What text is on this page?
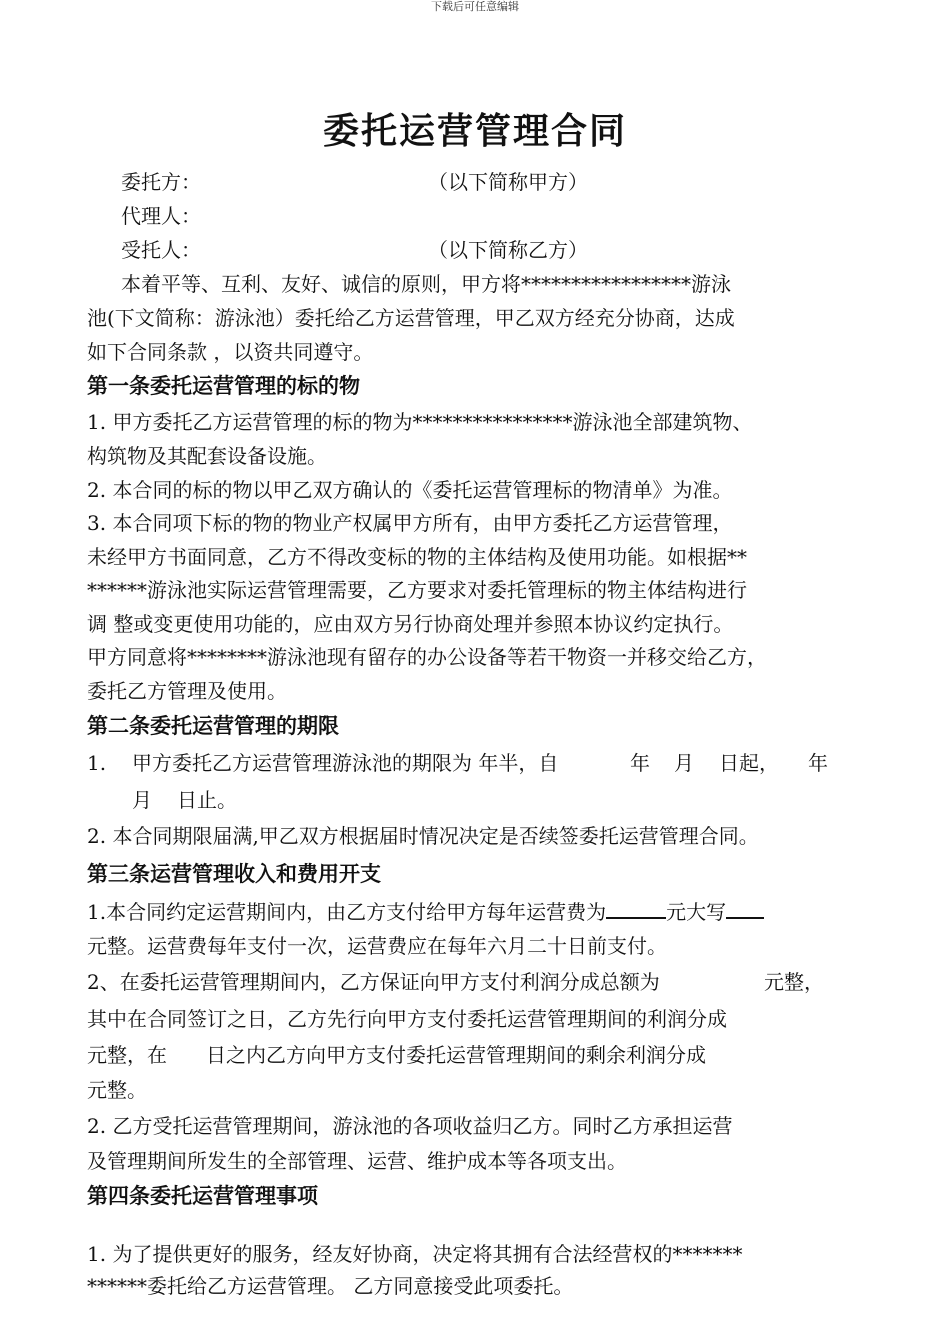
下载后可任意编辑
委托运营管理合同
委托方：	（以下简称甲方）
代理人：
受托人：	（以下简称乙方）
本着平等、互利、友好、诚信的原则，甲方将*****************游泳
池(下文简称：游泳池）委托给乙方运营管理，甲乙双方经充分协商，达成
如下合同条款 ，以资共同遵守。
第一条委托运营管理的标的物
1. 甲方委托乙方运营管理的标的物为****************游泳池全部建筑物、
构筑物及其配套设备设施。
2. 本合同的标的物以甲乙双方确认的《委托运营管理标的物清单》为准。
3. 本合同项下标的物的物业产权属甲方所有，由甲方委托乙方运营管理，
未经甲方书面同意，乙方不得改变标的物的主体结构及使用功能。如根据**
******游泳池实际运营管理需要，乙方要求对委托管理标的物主体结构进行
调 整或变更使用功能的，应由双方另行协商处理并参照本协议约定执行。
甲方同意将********游泳池现有留存的办公设备等若干物资一并移交给乙方，
委托乙方管理及使用。
第二条委托运营管理的期限
1. 甲方委托乙方运营管理游泳池的期限为 年半，自	年 月 日起， 年
月 日止。
2. 本合同期限届满,甲乙双方根据届时情况决定是否续签委托运营管理合同。
第三条运营管理收入和费用开支
1.本合同约定运营期间内，由乙方支付给甲方每年运营费为	元大写
元整。运营费每年支付一次，运营费应在每年六月二十日前支付。
2、在委托运营管理期间内，乙方保证向甲方支付利润分成总额为	元整，
其中在合同签订之日，乙方先行向甲方支付委托运营管理期间的利润分成
元整，在 日之内乙方向甲方支付委托运营管理期间的剩余利润分成
元整。
2. 乙方受托运营管理期间，游泳池的各项收益归乙方。同时乙方承担运营
及管理期间所发生的全部管理、运营、维护成本等各项支出。
第四条委托运营管理事项
1. 为了提供更好的服务，经友好协商，决定将其拥有合法经营权的*******
******委托给乙方运营管理。 乙方同意接受此项委托。
